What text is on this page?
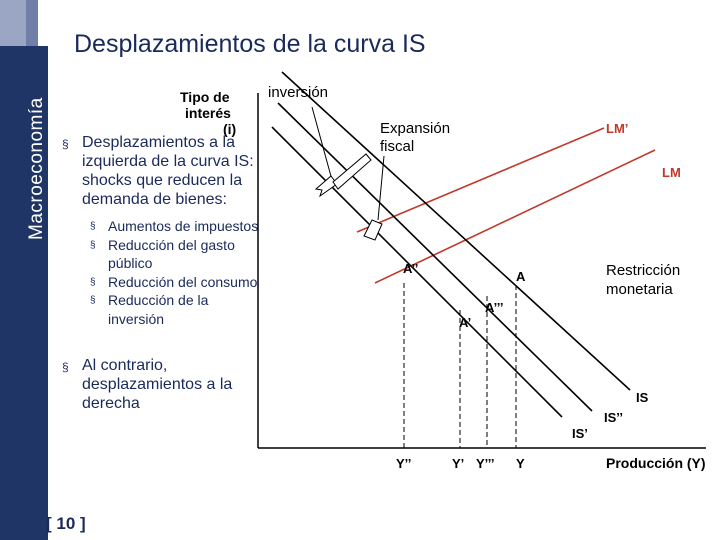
Macroeconomía
Desplazamientos de la curva IS
§ Desplazamientos a la izquierda de la curva IS: shocks que reducen la demanda de bienes:
§ Aumentos de impuestos
§ Reducción del gasto público
§ Reducción del consumo
§ Reducción de la inversión
§ Al contrario, desplazamientos a la derecha
[ 10 ]
Tipo de
interés
(i)	LM’
LM
IS
IS’’
IS’
A’’
A
A’’’
A’
Y’’	Y’ Y’’’ Y	Producción (Y)
inversión
Expansión
fiscal
Restricción
monetaria
